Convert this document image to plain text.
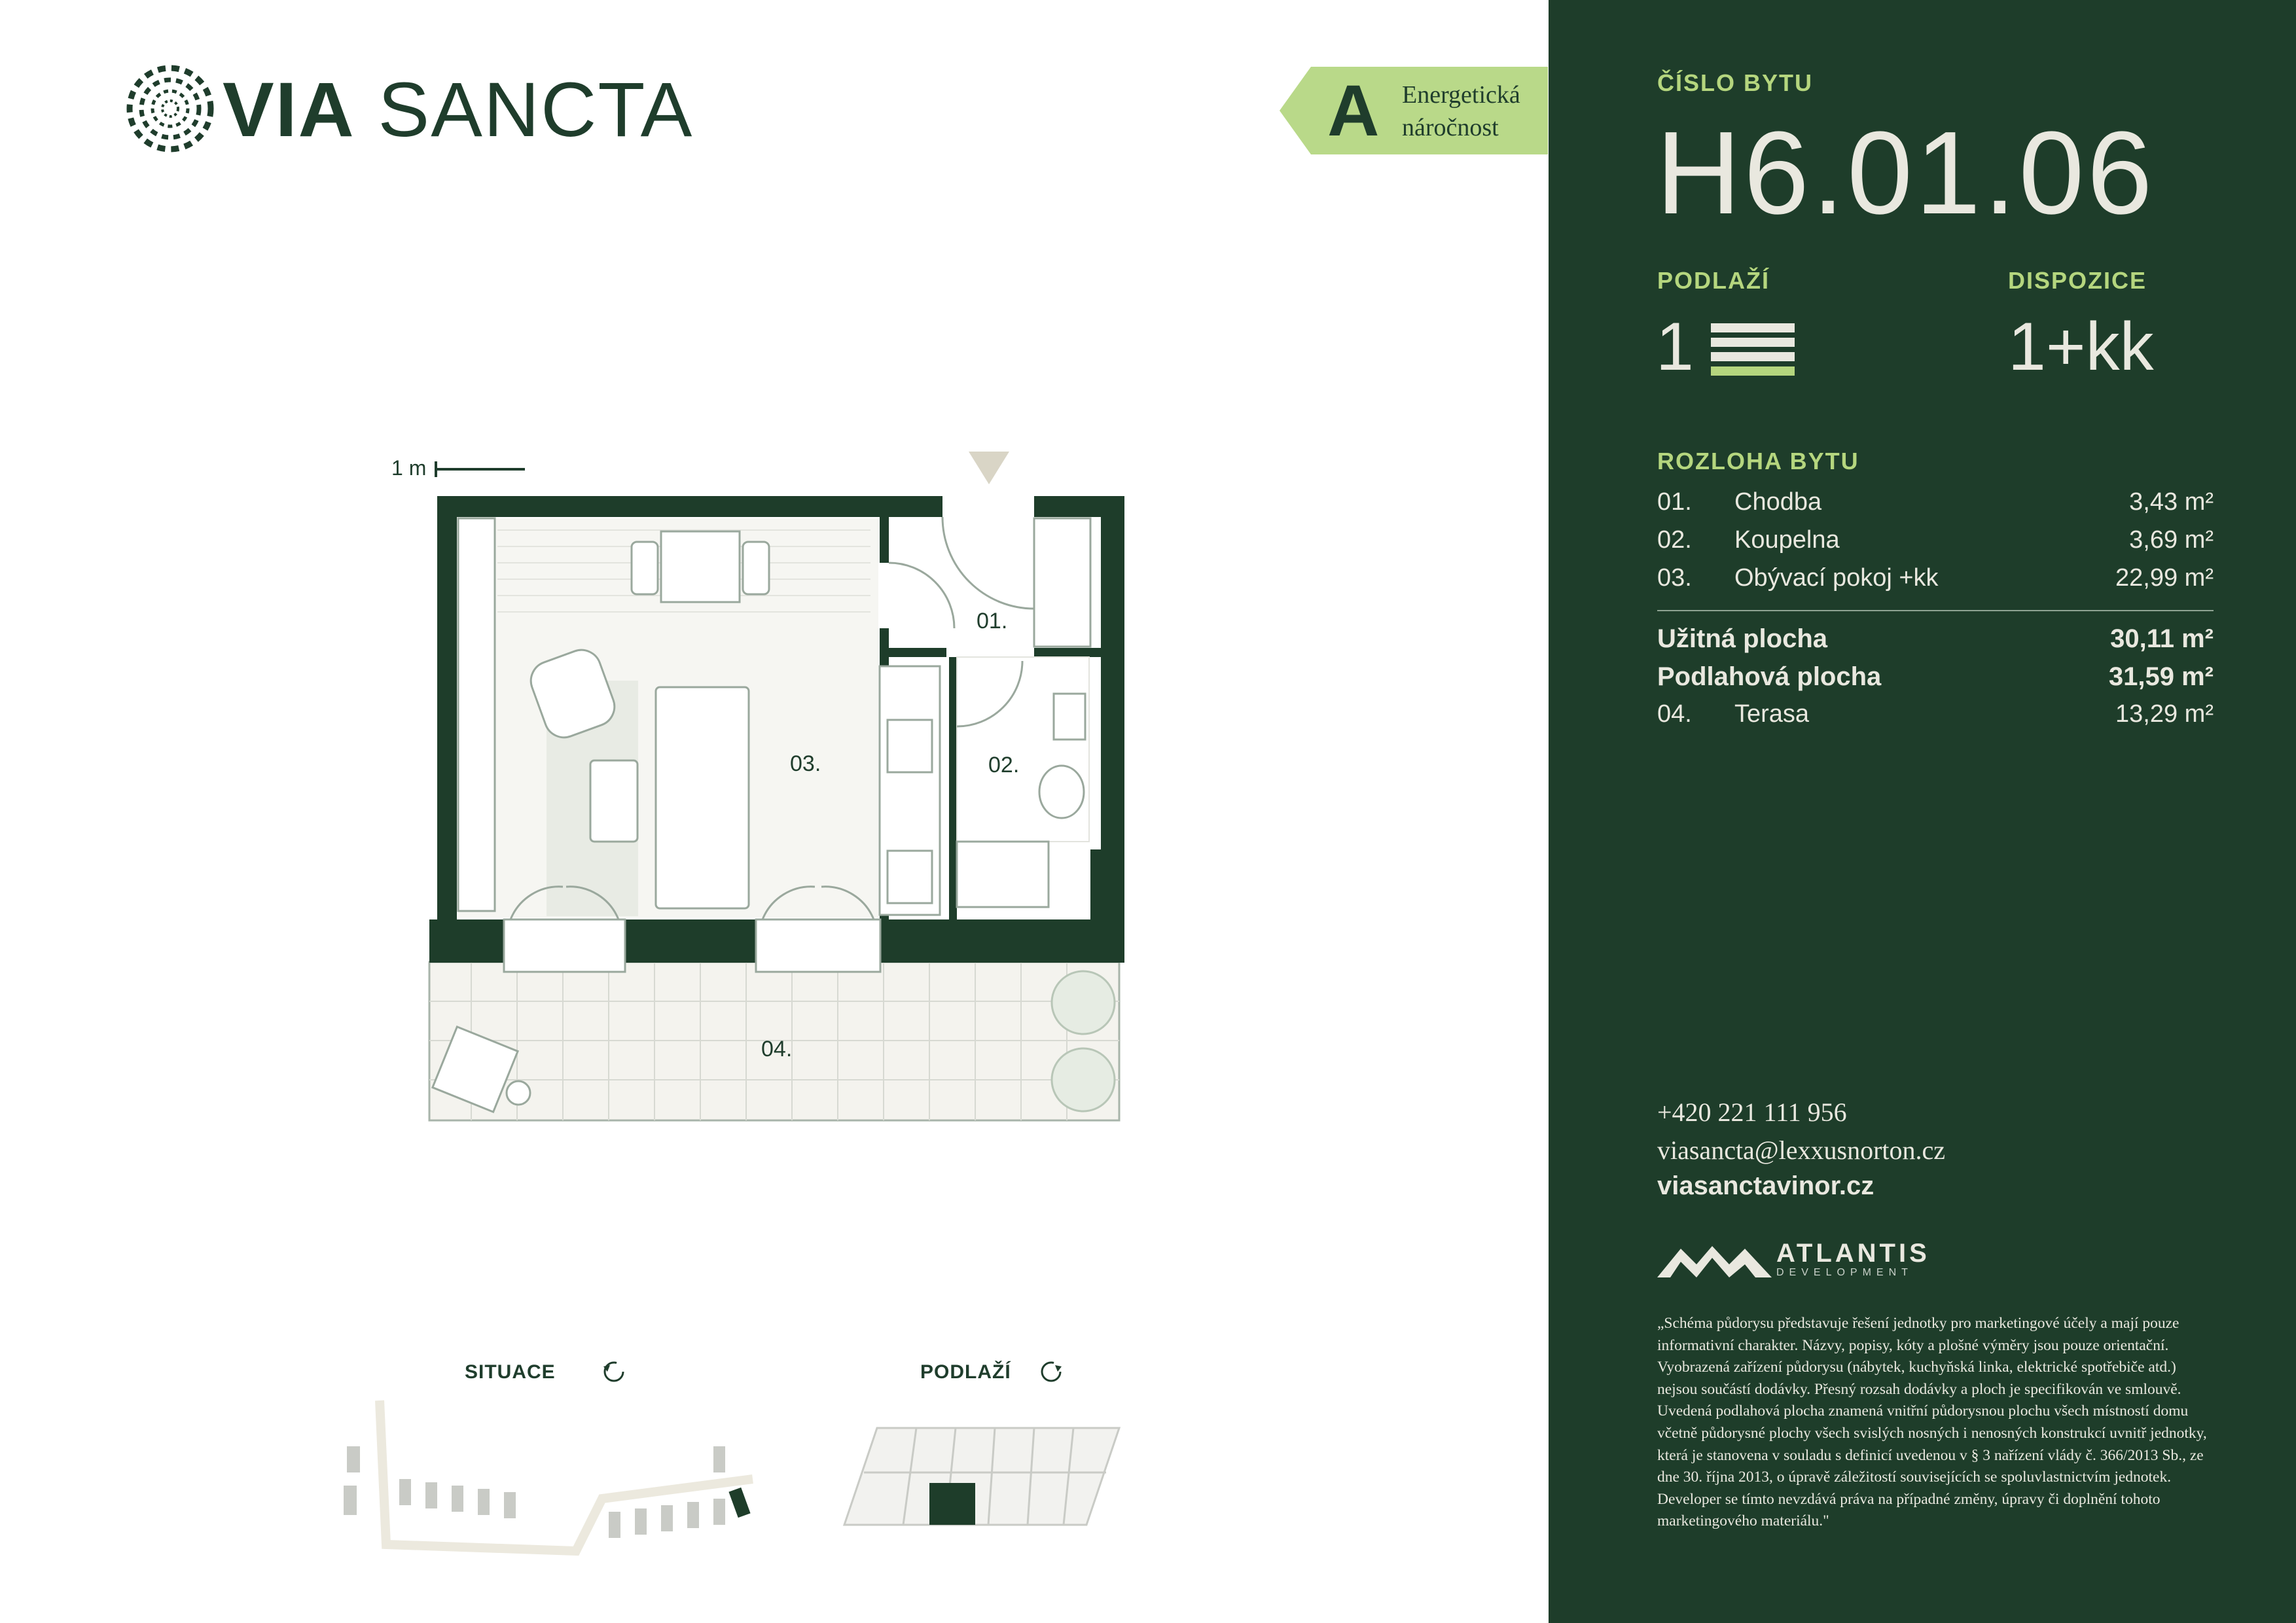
VIA SANCTA	A Energetická
náročnost
1 m
01.
02.
03.
04.
SITUACE	PODLAŽÍ
ČÍSLO BYTU
H6.01.06
PODLAŽÍ
1
DISPOZICE
1+kk
ROZLOHA BYTU
01. Chodba	3,43 m²
02. Koupelna	3,69 m²
03. Obývací pokoj +kk	22,99 m²
Užitná plocha	30,11 m²
Podlahová plocha	31,59 m²
04. Terasa	13,29 m²
+420 221 111 956
viasancta@lexxusnorton.cz
viasanctavinor.cz
ATLANTIS
DEVELOPMENT
„Schéma půdorysu představuje řešení jednotky pro marketingové účely a mají pouze informativní charakter. Názvy, popisy, kóty a plošné výměry jsou pouze orientační. Vyobrazená zařízení půdorysu (nábytek, kuchyňská linka, elektrické spotřebiče atd.) nejsou součástí dodávky. Přesný rozsah dodávky a ploch je specifikován ve smlouvě. Uvedená podlahová plocha znamená vnitřní půdorysnou plochu všech místností domu včetně půdorysné plochy všech svislých nosných i nenosných konstrukcí uvnitř jednotky, která je stanovena v souladu s definicí uvedenou v § 3 nařízení vlády č. 366/2013 Sb., ze dne 30. října 2013, o úpravě záležitostí souvisejících se spoluvlastnictvím jednotek. Developer se tímto nevzdává práva na případné změny, úpravy či doplnění tohoto marketingového materiálu."
